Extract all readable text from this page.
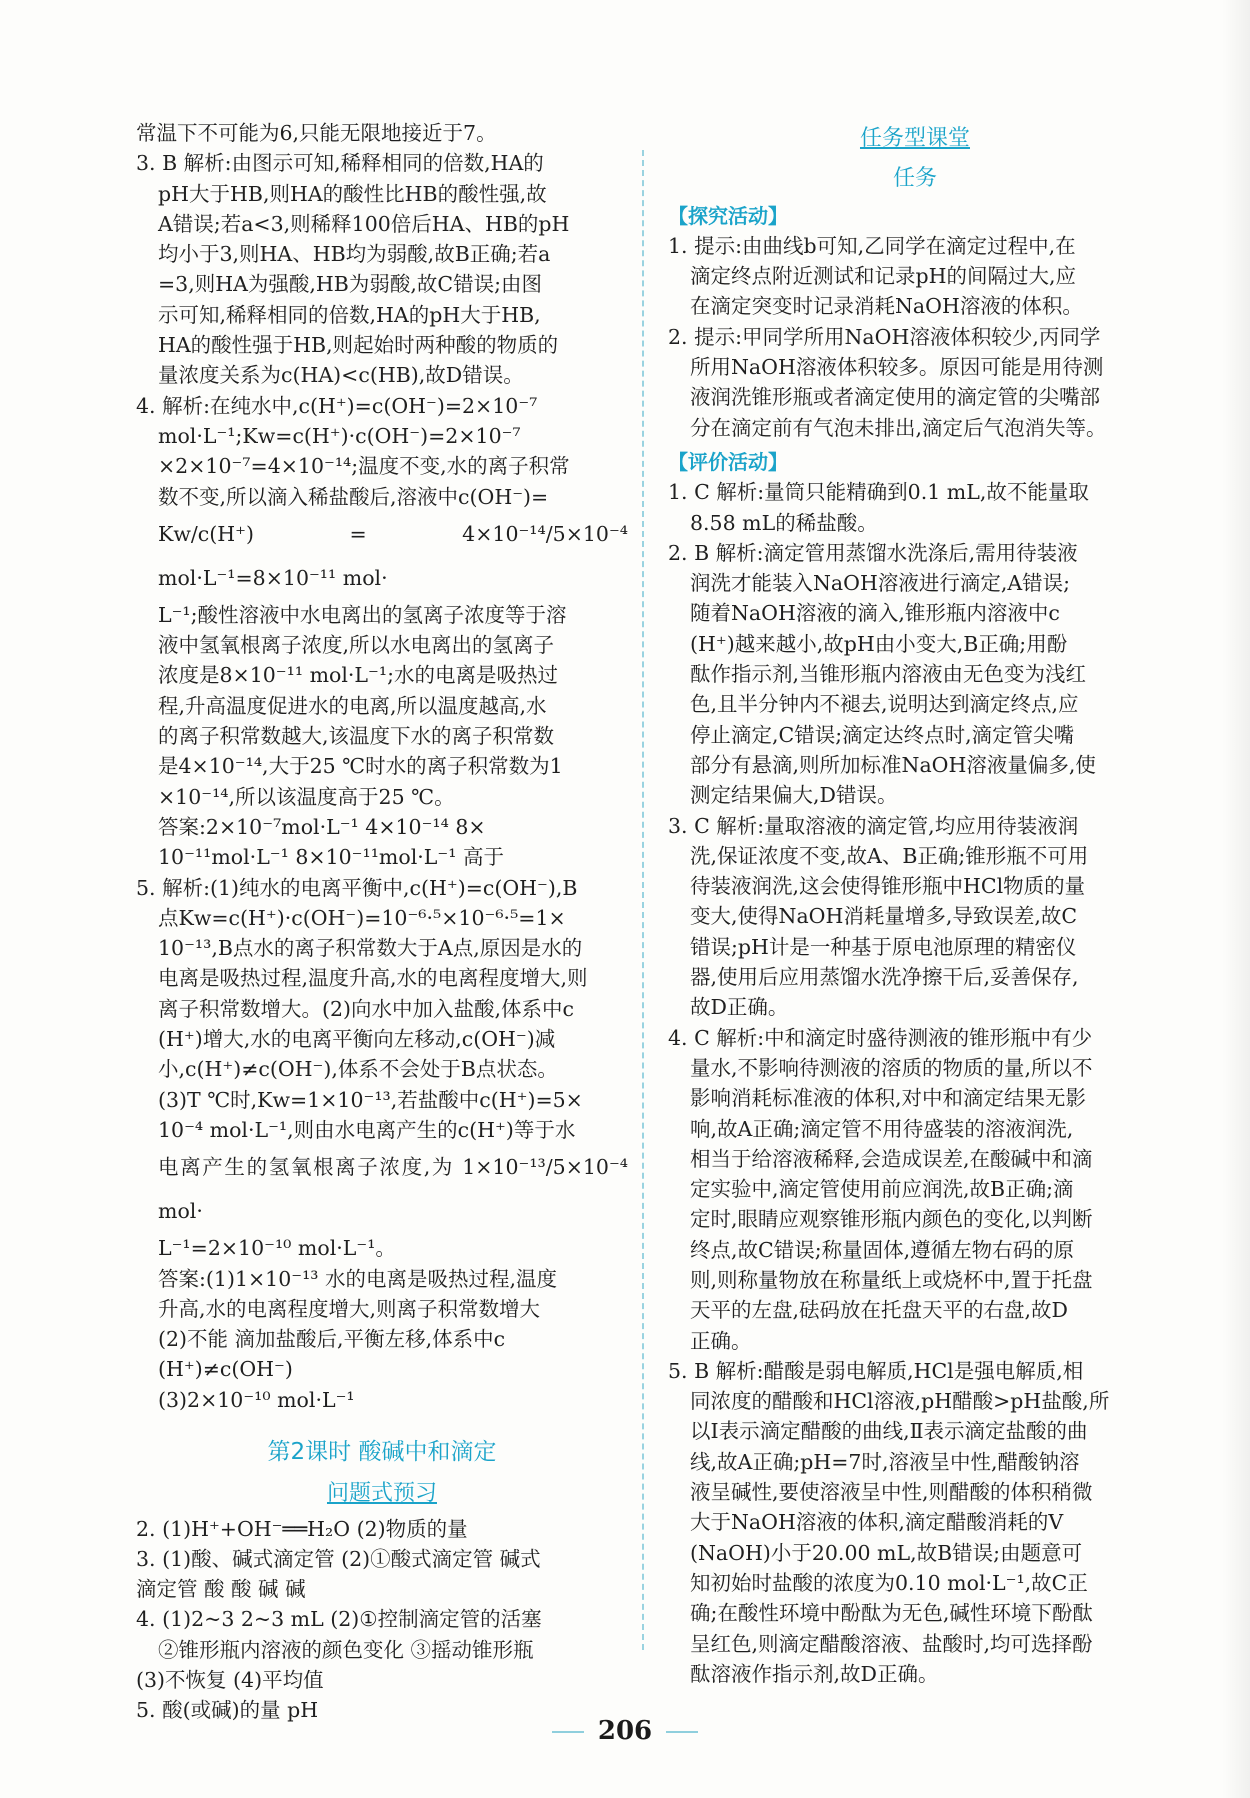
常温下不可能为6,只能无限地接近于7。

3. B 解析:由图示可知,稀释相同的倍数,HA的

pH大于HB,则HA的酸性比HB的酸性强,故

A错误;若a<3,则稀释100倍后HA、HB的pH

均小于3,则HA、HB均为弱酸,故B正确;若a

=3,则HA为强酸,HB为弱酸,故C错误;由图

示可知,稀释相同的倍数,HA的pH大于HB,

HA的酸性强于HB,则起始时两种酸的物质的

量浓度关系为c(HA)<c(HB),故D错误。

4. 解析:在纯水中,c(H⁺)=c(OH⁻)=2×10⁻⁷

mol·L⁻¹;Kw=c(H⁺)·c(OH⁻)=2×10⁻⁷

×2×10⁻⁷=4×10⁻¹⁴;温度不变,水的离子积常

数不变,所以滴入稀盐酸后,溶液中c(OH⁻)=

Kw/c(H⁺) = 4×10⁻¹⁴/5×10⁻⁴ mol·L⁻¹=8×10⁻¹¹ mol·

L⁻¹;酸性溶液中水电离出的氢离子浓度等于溶

液中氢氧根离子浓度,所以水电离出的氢离子

浓度是8×10⁻¹¹ mol·L⁻¹;水的电离是吸热过

程,升高温度促进水的电离,所以温度越高,水

的离子积常数越大,该温度下水的离子积常数

是4×10⁻¹⁴,大于25 ℃时水的离子积常数为1

×10⁻¹⁴,所以该温度高于25 ℃。

答案:2×10⁻⁷mol·L⁻¹ 4×10⁻¹⁴ 8×

10⁻¹¹mol·L⁻¹ 8×10⁻¹¹mol·L⁻¹ 高于

5. 解析:(1)纯水的电离平衡中,c(H⁺)=c(OH⁻),B

点Kw=c(H⁺)·c(OH⁻)=10⁻⁶·⁵×10⁻⁶·⁵=1×

10⁻¹³,B点水的离子积常数大于A点,原因是水的

电离是吸热过程,温度升高,水的电离程度增大,则

离子积常数增大。(2)向水中加入盐酸,体系中c

(H⁺)增大,水的电离平衡向左移动,c(OH⁻)减

小,c(H⁺)≠c(OH⁻),体系不会处于B点状态。

(3)T ℃时,Kw=1×10⁻¹³,若盐酸中c(H⁺)=5×

10⁻⁴ mol·L⁻¹,则由水电离产生的c(H⁺)等于水

电离产生的氢氧根离子浓度,为 1×10⁻¹³/5×10⁻⁴ mol·

L⁻¹=2×10⁻¹⁰ mol·L⁻¹。

答案:(1)1×10⁻¹³ 水的电离是吸热过程,温度

升高,水的电离程度增大,则离子积常数增大

(2)不能 滴加盐酸后,平衡左移,体系中c

(H⁺)≠c(OH⁻)

(3)2×10⁻¹⁰ mol·L⁻¹

第2课时 酸碱中和滴定
问题式预习

2. (1)H⁺+OH⁻══H₂O (2)物质的量

3. (1)酸、碱式滴定管 (2)①酸式滴定管 碱式

滴定管 酸 酸 碱 碱

4. (1)2~3 2~3 mL (2)①控制滴定管的活塞

②锥形瓶内溶液的颜色变化 ③摇动锥形瓶

(3)不恢复 (4)平均值

5. 酸(或碱)的量 pH

任务型课堂
任务
【探究活动】

1. 提示:由曲线b可知,乙同学在滴定过程中,在

滴定终点附近测试和记录pH的间隔过大,应

在滴定突变时记录消耗NaOH溶液的体积。

2. 提示:甲同学所用NaOH溶液体积较少,丙同学

所用NaOH溶液体积较多。原因可能是用待测

液润洗锥形瓶或者滴定使用的滴定管的尖嘴部

分在滴定前有气泡未排出,滴定后气泡消失等。

【评价活动】

1. C 解析:量筒只能精确到0.1 mL,故不能量取

8.58 mL的稀盐酸。

2. B 解析:滴定管用蒸馏水洗涤后,需用待装液

润洗才能装入NaOH溶液进行滴定,A错误;

随着NaOH溶液的滴入,锥形瓶内溶液中c

(H⁺)越来越小,故pH由小变大,B正确;用酚

酞作指示剂,当锥形瓶内溶液由无色变为浅红

色,且半分钟内不褪去,说明达到滴定终点,应

停止滴定,C错误;滴定达终点时,滴定管尖嘴

部分有悬滴,则所加标准NaOH溶液量偏多,使

测定结果偏大,D错误。

3. C 解析:量取溶液的滴定管,均应用待装液润

洗,保证浓度不变,故A、B正确;锥形瓶不可用

待装液润洗,这会使得锥形瓶中HCl物质的量

变大,使得NaOH消耗量增多,导致误差,故C

错误;pH计是一种基于原电池原理的精密仪

器,使用后应用蒸馏水洗净擦干后,妥善保存,

故D正确。

4. C 解析:中和滴定时盛待测液的锥形瓶中有少

量水,不影响待测液的溶质的物质的量,所以不

影响消耗标准液的体积,对中和滴定结果无影

响,故A正确;滴定管不用待盛装的溶液润洗,

相当于给溶液稀释,会造成误差,在酸碱中和滴

定实验中,滴定管使用前应润洗,故B正确;滴

定时,眼睛应观察锥形瓶内颜色的变化,以判断

终点,故C错误;称量固体,遵循左物右码的原

则,则称量物放在称量纸上或烧杯中,置于托盘

天平的左盘,砝码放在托盘天平的右盘,故D

正确。

5. B 解析:醋酸是弱电解质,HCl是强电解质,相

同浓度的醋酸和HCl溶液,pH醋酸>pH盐酸,所

以Ⅰ表示滴定醋酸的曲线,Ⅱ表示滴定盐酸的曲

线,故A正确;pH=7时,溶液呈中性,醋酸钠溶

液呈碱性,要使溶液呈中性,则醋酸的体积稍微

大于NaOH溶液的体积,滴定醋酸消耗的V

(NaOH)小于20.00 mL,故B错误;由题意可

知初始时盐酸的浓度为0.10 mol·L⁻¹,故C正

确;在酸性环境中酚酞为无色,碱性环境下酚酞

呈红色,则滴定醋酸溶液、盐酸时,均可选择酚

酞溶液作指示剂,故D正确。

206
